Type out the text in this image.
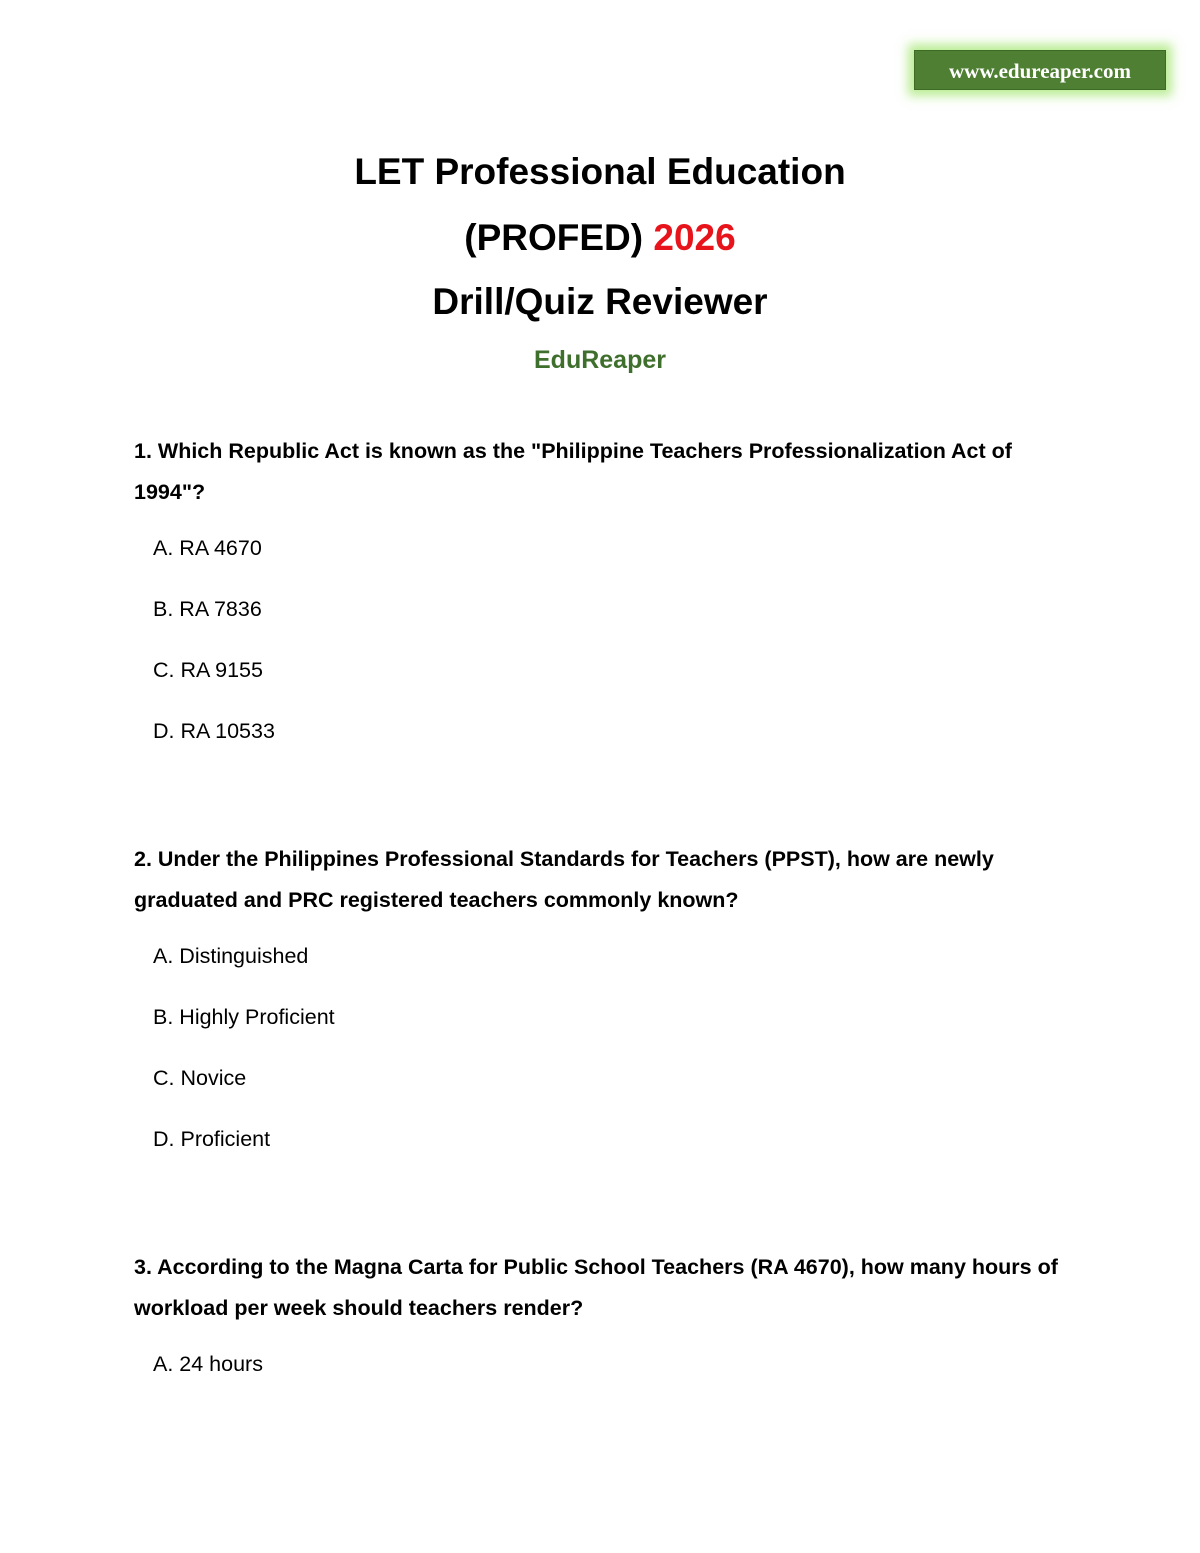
www.edureaper.com
LET Professional Education
(PROFED) 2026
Drill/Quiz Reviewer
EduReaper

1. Which Republic Act is known as the "Philippine Teachers Professionalization Act of 1994"?

A. RA 4670
B. RA 7836
C. RA 9155
D. RA 10533

2. Under the Philippines Professional Standards for Teachers (PPST), how are newly graduated and PRC registered teachers commonly known?

A. Distinguished
B. Highly Proficient
C. Novice
D. Proficient

3. According to the Magna Carta for Public School Teachers (RA 4670), how many hours of workload per week should teachers render?

A. 24 hours
